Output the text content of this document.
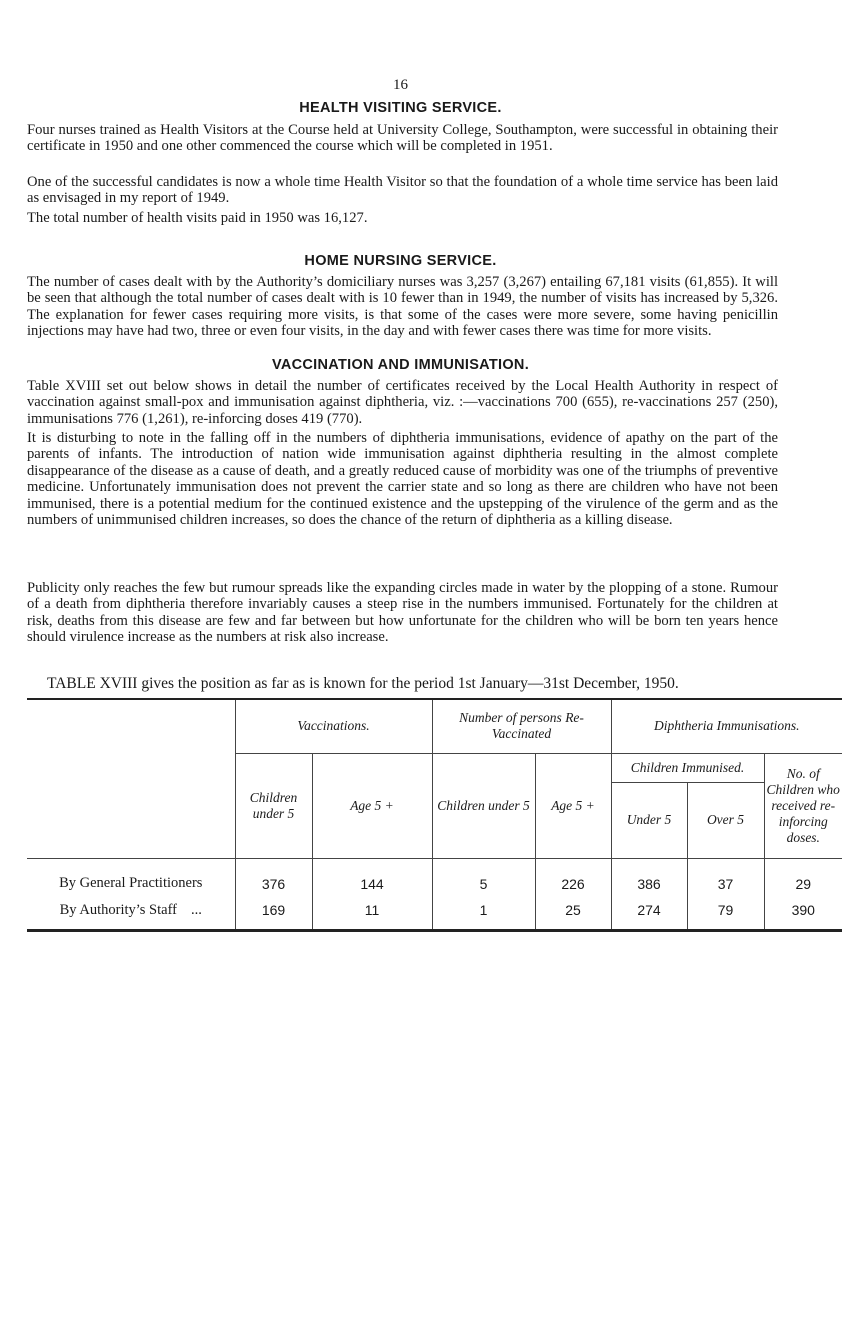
16
HEALTH VISITING SERVICE.

Four nurses trained as Health Visitors at the Course held at University College, Southampton, were successful in obtaining their certificate in 1950 and one other commenced the course which will be completed in 1951.

One of the successful candidates is now a whole time Health Visitor so that the foundation of a whole time service has been laid as envisaged in my report of 1949.

The total number of health visits paid in 1950 was 16,127.

HOME NURSING SERVICE.

The number of cases dealt with by the Authority’s domiciliary nurses was 3,257 (3,267) entailing 67,181 visits (61,855). It will be seen that although the total number of cases dealt with is 10 fewer than in 1949, the number of visits has increased by 5,326. The explanation for fewer cases requiring more visits, is that some of the cases were more severe, some having penicillin injections may have had two, three or even four visits, in the day and with fewer cases there was time for more visits.

VACCINATION AND IMMUNISATION.

Table XVIII set out below shows in detail the number of certificates received by the Local Health Authority in respect of vaccination against small-pox and immunisation against diphtheria, viz. :—vaccinations 700 (655), re-vaccinations 257 (250), immunisations 776 (1,261), re-inforcing doses 419 (770).

It is disturbing to note in the falling off in the numbers of diphtheria immunisations, evidence of apathy on the part of the parents of infants. The introduction of nation wide immunisation against diphtheria resulting in the almost complete disappearance of the disease as a cause of death, and a greatly reduced cause of morbidity was one of the triumphs of preventive medicine. Unfortunately immunisation does not prevent the carrier state and so long as there are children who have not been immunised, there is a potential medium for the continued existence and the upstepping of the virulence of the germ and as the numbers of unimmunised children increases, so does the chance of the return of diphtheria as a killing disease.

Publicity only reaches the few but rumour spreads like the expanding circles made in water by the plopping of a stone. Rumour of a death from diphtheria therefore invariably causes a steep rise in the numbers immunised. Fortunately for the children at risk, deaths from this disease are few and far between but how unfortunate for the children who will be born ten years hence should virulence increase as the numbers at risk also increase.

TABLE XVIII gives the position as far as is known for the period 1st January—31st December, 1950.
	Vaccinations.		Number of persons Re-Vaccinated		Diphtheria Immunisations.		
	Children under 5	Age 5 +	Children under 5	Age 5 +	Children Immunised.		No. of Children who received re-inforcing doses.
					Under 5	Over 5	
By General Practitioners	376	144	5	226	386	37	29
By Authority’s Staff ...	169	11	1	25	274	79	390
